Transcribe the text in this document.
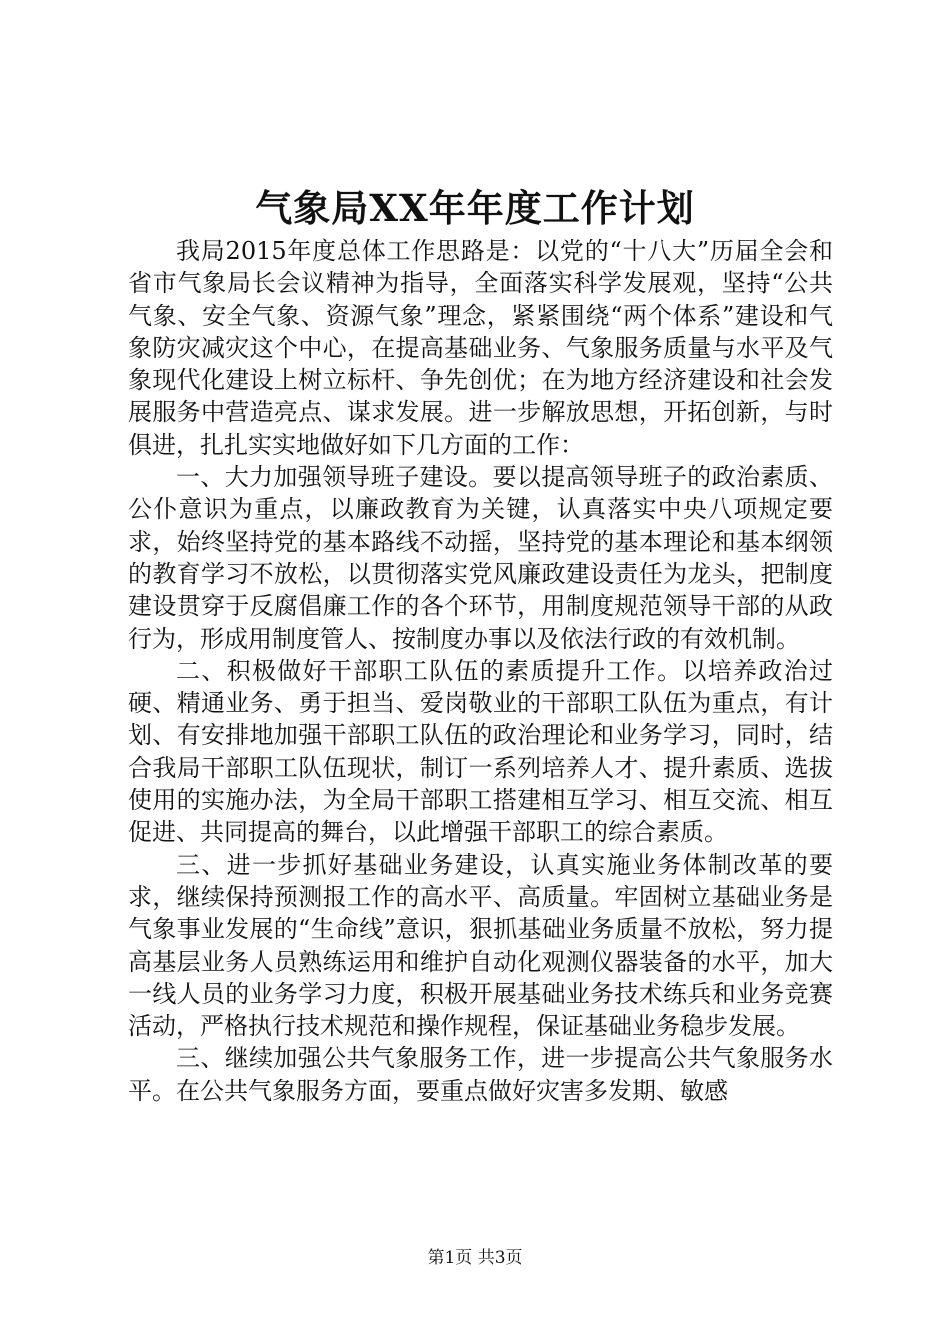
气象局XX年年度工作计划

我局2015年度总体工作思路是：以党的“十八大”历届全会和省市气象局长会议精神为指导，全面落实科学发展观，坚持“公共气象、安全气象、资源气象”理念，紧紧围绕“两个体系”建设和气象防灾减灾这个中心，在提高基础业务、气象服务质量与水平及气象现代化建设上树立标杆、争先创优；在为地方经济建设和社会发展服务中营造亮点、谋求发展。进一步解放思想，开拓创新，与时俱进，扎扎实实地做好如下几方面的工作：

一、大力加强领导班子建设。要以提高领导班子的政治素质、公仆意识为重点，以廉政教育为关键，认真落实中央八项规定要求，始终坚持党的基本路线不动摇，坚持党的基本理论和基本纲领的教育学习不放松，以贯彻落实党风廉政建设责任为龙头，把制度建设贯穿于反腐倡廉工作的各个环节，用制度规范领导干部的从政行为，形成用制度管人、按制度办事以及依法行政的有效机制。

二、积极做好干部职工队伍的素质提升工作。以培养政治过硬、精通业务、勇于担当、爱岗敬业的干部职工队伍为重点，有计划、有安排地加强干部职工队伍的政治理论和业务学习，同时，结合我局干部职工队伍现状，制订一系列培养人才、提升素质、选拔使用的实施办法，为全局干部职工搭建相互学习、相互交流、相互促进、共同提高的舞台，以此增强干部职工的综合素质。

三、进一步抓好基础业务建设，认真实施业务体制改革的要求，继续保持预测报工作的高水平、高质量。牢固树立基础业务是气象事业发展的“生命线”意识，狠抓基础业务质量不放松，努力提高基层业务人员熟练运用和维护自动化观测仪器装备的水平，加大一线人员的业务学习力度，积极开展基础业务技术练兵和业务竞赛活动，严格执行技术规范和操作规程，保证基础业务稳步发展。

三、继续加强公共气象服务工作，进一步提高公共气象服务水平。在公共气象服务方面，要重点做好灾害多发期、敏感

第1页 共3页
